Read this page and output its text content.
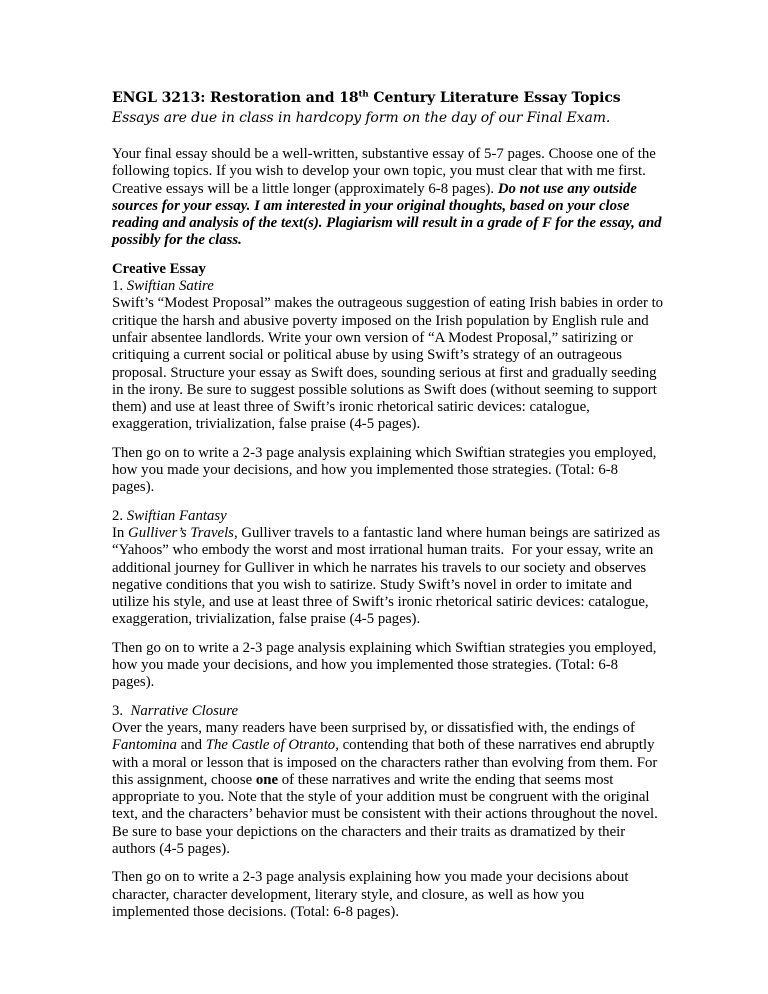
ENGL 3213: Restoration and 18th Century Literature Essay Topics
Essays are due in class in hardcopy form on the day of our Final Exam.

Your final essay should be a well-written, substantive essay of 5-7 pages. Choose one of the following topics. If you wish to develop your own topic, you must clear that with me first. Creative essays will be a little longer (approximately 6-8 pages). Do not use any outside sources for your essay. I am interested in your original thoughts, based on your close reading and analysis of the text(s). Plagiarism will result in a grade of F for the essay, and possibly for the class.

Creative Essay

1. Swiftian Satire

Swift’s “Modest Proposal” makes the outrageous suggestion of eating Irish babies in order to critique the harsh and abusive poverty imposed on the Irish population by English rule and unfair absentee landlords. Write your own version of “A Modest Proposal,” satirizing or critiquing a current social or political abuse by using Swift’s strategy of an outrageous proposal. Structure your essay as Swift does, sounding serious at first and gradually seeding in the irony. Be sure to suggest possible solutions as Swift does (without seeming to support them) and use at least three of Swift’s ironic rhetorical satiric devices: catalogue, exaggeration, trivialization, false praise (4-5 pages).

Then go on to write a 2-3 page analysis explaining which Swiftian strategies you employed, how you made your decisions, and how you implemented those strategies. (Total: 6-8 pages).

2. Swiftian Fantasy

In Gulliver’s Travels, Gulliver travels to a fantastic land where human beings are satirized as “Yahoos” who embody the worst and most irrational human traits.  For your essay, write an additional journey for Gulliver in which he narrates his travels to our society and observes negative conditions that you wish to satirize. Study Swift’s novel in order to imitate and utilize his style, and use at least three of Swift’s ironic rhetorical satiric devices: catalogue, exaggeration, trivialization, false praise (4-5 pages).

Then go on to write a 2-3 page analysis explaining which Swiftian strategies you employed, how you made your decisions, and how you implemented those strategies. (Total: 6-8 pages).

3.  Narrative Closure

Over the years, many readers have been surprised by, or dissatisfied with, the endings of Fantomina and The Castle of Otranto, contending that both of these narratives end abruptly with a moral or lesson that is imposed on the characters rather than evolving from them. For this assignment, choose one of these narratives and write the ending that seems most appropriate to you. Note that the style of your addition must be congruent with the original text, and the characters’ behavior must be consistent with their actions throughout the novel. Be sure to base your depictions on the characters and their traits as dramatized by their authors (4-5 pages).

Then go on to write a 2-3 page analysis explaining how you made your decisions about character, character development, literary style, and closure, as well as how you implemented those decisions. (Total: 6-8 pages).
